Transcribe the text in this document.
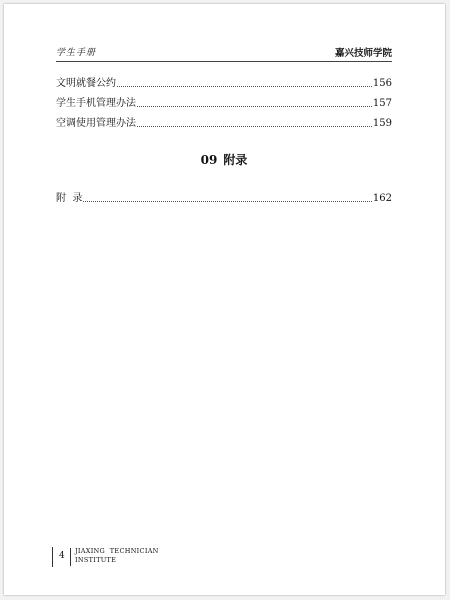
学生手册	嘉兴技师学院
文明就餐公约	156
学生手机管理办法	157
空调使用管理办法	159
09 附录
附  录	162
4 JIAXING  TECHNICIAN
INSTITUTE
